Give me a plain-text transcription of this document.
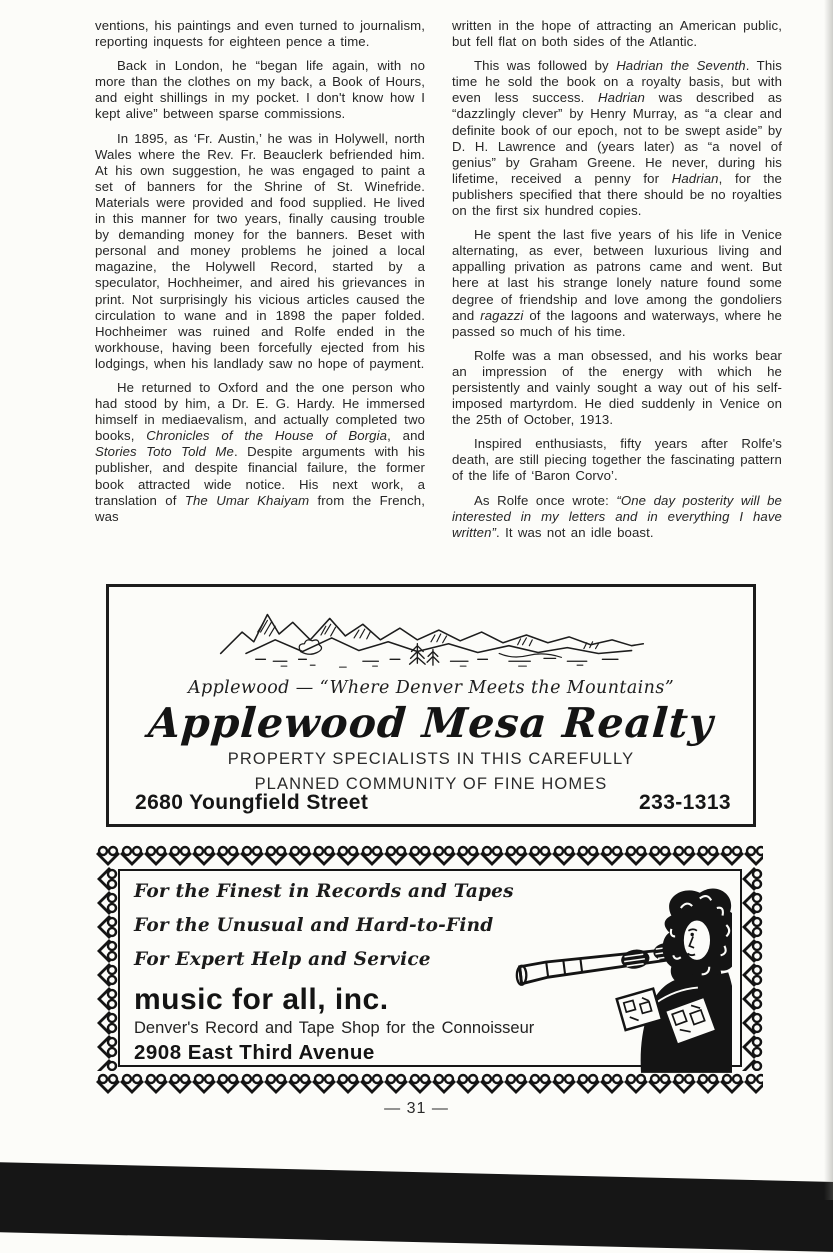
ventions, his paintings and even turned to journalism, reporting inquests for eighteen pence a time.

Back in London, he “began life again, with no more than the clothes on my back, a Book of Hours, and eight shillings in my pocket. I don't know how I kept alive” between sparse commissions.

In 1895, as ‘Fr. Austin,’ he was in Holywell, north Wales where the Rev. Fr. Beauclerk befriended him. At his own suggestion, he was engaged to paint a set of banners for the Shrine of St. Winefride. Materials were provided and food supplied. He lived in this manner for two years, finally causing trouble by demanding money for the banners. Beset with personal and money problems he joined a local magazine, the Holywell Record, started by a speculator, Hochheimer, and aired his grievances in print. Not surprisingly his vicious articles caused the circulation to wane and in 1898 the paper folded. Hochheimer was ruined and Rolfe ended in the workhouse, having been forcefully ejected from his lodgings, when his landlady saw no hope of payment.

He returned to Oxford and the one person who had stood by him, a Dr. E. G. Hardy. He immersed himself in mediaevalism, and actually completed two books, Chronicles of the House of Borgia, and Stories Toto Told Me. Despite arguments with his publisher, and despite financial failure, the former book attracted wide notice. His next work, a translation of The Umar Khaiyam from the French, was

written in the hope of attracting an American public, but fell flat on both sides of the Atlantic.

This was followed by Hadrian the Seventh. This time he sold the book on a royalty basis, but with even less success. Hadrian was described as “dazzlingly clever” by Henry Murray, as “a clear and definite book of our epoch, not to be swept aside” by D. H. Lawrence and (years later) as “a novel of genius” by Graham Greene. He never, during his lifetime, received a penny for Hadrian, for the publishers specified that there should be no royalties on the first six hundred copies.

He spent the last five years of his life in Venice alternating, as ever, between luxurious living and appalling privation as patrons came and went. But here at last his strange lonely nature found some degree of friendship and love among the gondoliers and ragazzi of the lagoons and waterways, where he passed so much of his time.

Rolfe was a man obsessed, and his works bear an impression of the energy with which he persistently and vainly sought a way out of his self-imposed martyrdom. He died suddenly in Venice on the 25th of October, 1913.

Inspired enthusiasts, fifty years after Rolfe's death, are still piecing together the fascinating pattern of the life of ‘Baron Corvo’.

As Rolfe once wrote: “One day posterity will be interested in my letters and in everything I have written”. It was not an idle boast.

Applewood — “Where Denver Meets the Mountains”
Applewood Mesa Realty
PROPERTY SPECIALISTS IN THIS CAREFULLY
PLANNED COMMUNITY OF FINE HOMES
2680 Youngfield Street	233-1313
For the Finest in Records and Tapes
For the Unusual and Hard-to-Find
For Expert Help and Service
music for all, inc.
Denver's Record and Tape Shop for the Connoisseur
2908 East Third Avenue
— 31 —
